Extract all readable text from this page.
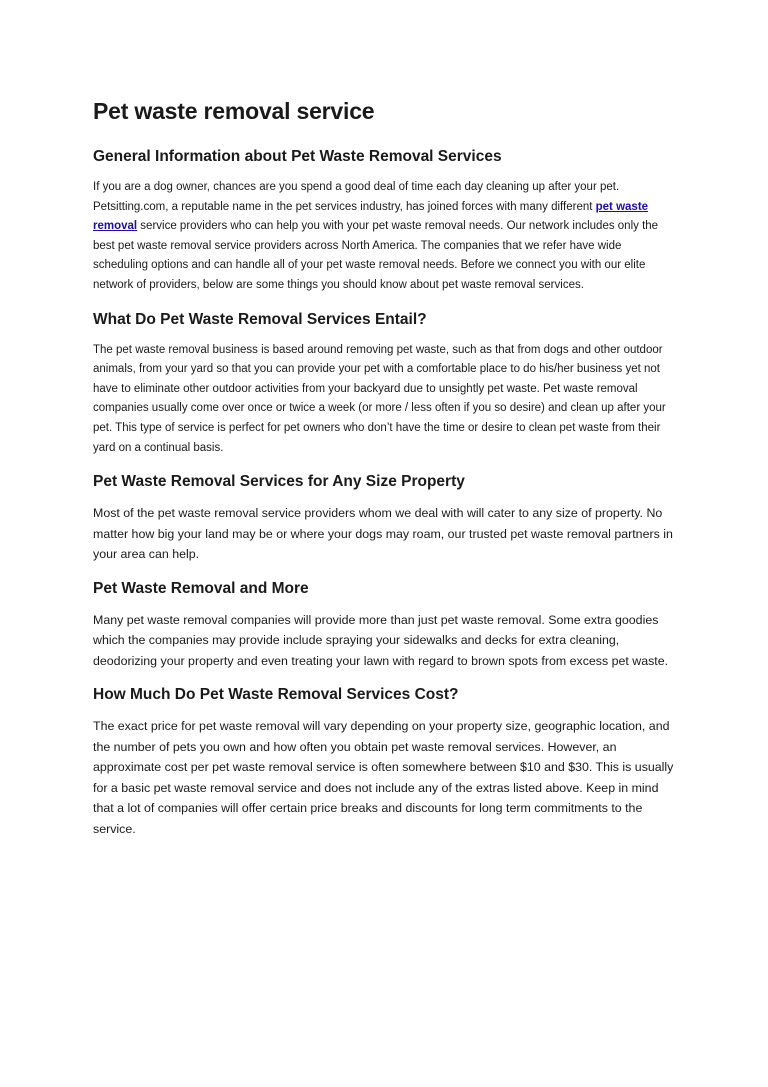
Pet waste removal service
General Information about Pet Waste Removal Services

If you are a dog owner, chances are you spend a good deal of time each day cleaning up after your pet. Petsitting.com, a reputable name in the pet services industry, has joined forces with many different pet waste removal service providers who can help you with your pet waste removal needs. Our network includes only the best pet waste removal service providers across North America. The companies that we refer have wide scheduling options and can handle all of your pet waste removal needs. Before we connect you with our elite network of providers, below are some things you should know about pet waste removal services.

What Do Pet Waste Removal Services Entail?

The pet waste removal business is based around removing pet waste, such as that from dogs and other outdoor animals, from your yard so that you can provide your pet with a comfortable place to do his/her business yet not have to eliminate other outdoor activities from your backyard due to unsightly pet waste. Pet waste removal companies usually come over once or twice a week (or more / less often if you so desire) and clean up after your pet. This type of service is perfect for pet owners who don’t have the time or desire to clean pet waste from their yard on a continual basis.

Pet Waste Removal Services for Any Size Property

Most of the pet waste removal service providers whom we deal with will cater to any size of property. No matter how big your land may be or where your dogs may roam, our trusted pet waste removal partners in your area can help.

Pet Waste Removal and More

Many pet waste removal companies will provide more than just pet waste removal. Some extra goodies which the companies may provide include spraying your sidewalks and decks for extra cleaning, deodorizing your property and even treating your lawn with regard to brown spots from excess pet waste.

How Much Do Pet Waste Removal Services Cost?

The exact price for pet waste removal will vary depending on your property size, geographic location, and the number of pets you own and how often you obtain pet waste removal services. However, an approximate cost per pet waste removal service is often somewhere between $10 and $30. This is usually for a basic pet waste removal service and does not include any of the extras listed above. Keep in mind that a lot of companies will offer certain price breaks and discounts for long term commitments to the service.
